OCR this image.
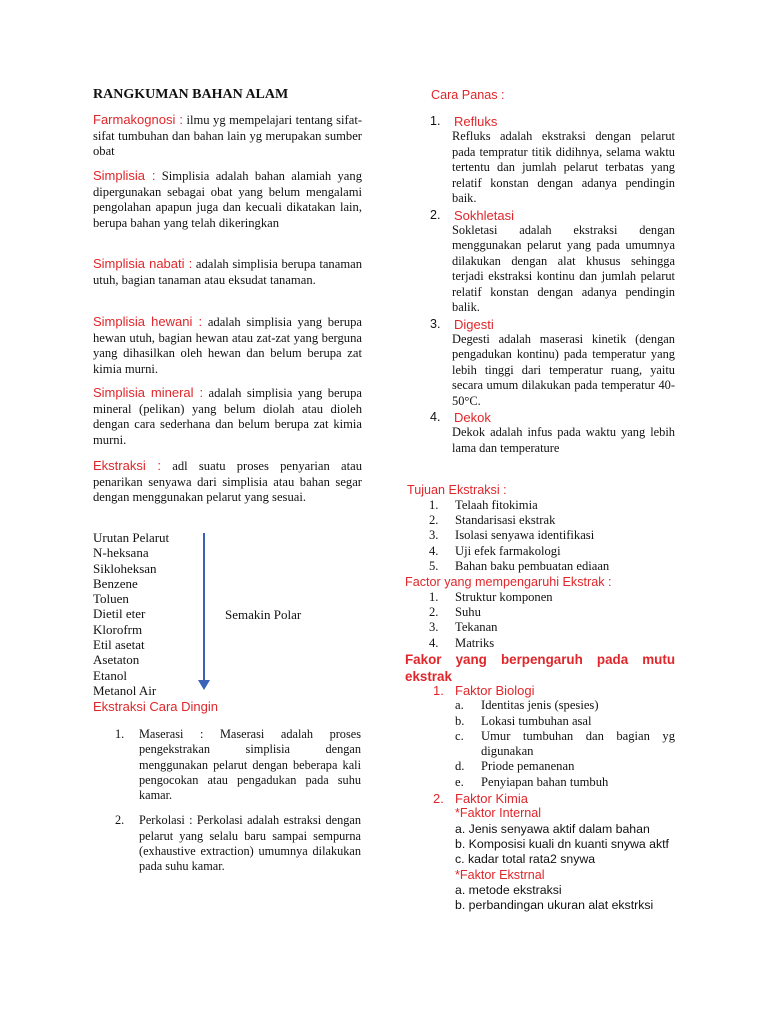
RANGKUMAN BAHAN ALAM

Farmakognosi : ilmu yg mempelajari tentang sifat-sifat tumbuhan dan bahan lain yg merupakan sumber obat

Simplisia : Simplisia adalah bahan alamiah yang dipergunakan sebagai obat yang belum mengalami pengolahan apapun juga dan kecuali dikatakan lain, berupa bahan yang telah dikeringkan

Simplisia nabati : adalah simplisia berupa tanaman utuh, bagian tanaman atau eksudat tanaman.

Simplisia hewani : adalah simplisia yang berupa hewan utuh, bagian hewan atau zat-zat yang berguna yang dihasilkan oleh hewan dan belum berupa zat kimia murni.

Simplisia mineral : adalah simplisia yang berupa mineral (pelikan) yang belum diolah atau dioleh dengan cara sederhana dan belum berupa zat kimia murni.

Ekstraksi : adl suatu proses penyarian atau penarikan senyawa dari simplisia atau bahan segar dengan menggunakan pelarut yang sesuai.

Urutan Pelarut
N-heksana
Sikloheksan
Benzene
Toluen
Dietil eter
Klorofrm
Etil asetat
Asetaton
Etanol
Metanol Air
Semakin Polar
Ekstraksi Cara Dingin
1. Maserasi : Maserasi adalah proses pengekstrakan simplisia dengan menggunakan pelarut dengan beberapa kali pengocokan atau pengadukan pada suhu kamar.
2. Perkolasi : Perkolasi adalah estraksi dengan pelarut yang selalu baru sampai sempurna (exhaustive extraction) umumnya dilakukan pada suhu kamar.
Cara Panas :
1.	Refluks
Refluks adalah ekstraksi dengan pelarut pada tempratur titik didihnya, selama waktu tertentu dan jumlah pelarut terbatas yang relatif konstan dengan adanya pendingin baik.
2.	Sokhletasi
Sokletasi adalah ekstraksi dengan menggunakan pelarut yang pada umumnya dilakukan dengan alat khusus sehingga terjadi ekstraksi kontinu dan jumlah pelarut relatif konstan dengan adanya pendingin balik.
3.	Digesti
Degesti adalah maserasi kinetik (dengan pengadukan kontinu) pada temperatur yang lebih tinggi dari temperatur ruang, yaitu secara umum dilakukan pada temperatur 40-50°C.
4.	Dekok
Dekok adalah infus pada waktu yang lebih lama dan temperature
Tujuan Ekstraksi :
1. Telaah fitokimia
2. Standarisasi ekstrak
3. Isolasi senyawa identifikasi
4. Uji efek farmakologi
5. Bahan baku pembuatan ediaan
Factor yang mempengaruhi Ekstrak :
1. Struktur komponen
2. Suhu
3. Tekanan
4. Matriks
Fakor yang berpengaruh pada mutu ekstrak
1. Faktor Biologi
a. Identitas jenis (spesies)
b. Lokasi tumbuhan asal
c. Umur tumbuhan dan bagian yg digunakan
d. Priode pemanenan
e. Penyiapan bahan tumbuh
2. Faktor Kimia
*Faktor Internal
a. Jenis senyawa aktif dalam bahan
b. Komposisi kuali dn kuanti snywa aktf
c. kadar total rata2 snywa
*Faktor Ekstrnal
a. metode ekstraksi
b. perbandingan ukuran alat ekstrksi
